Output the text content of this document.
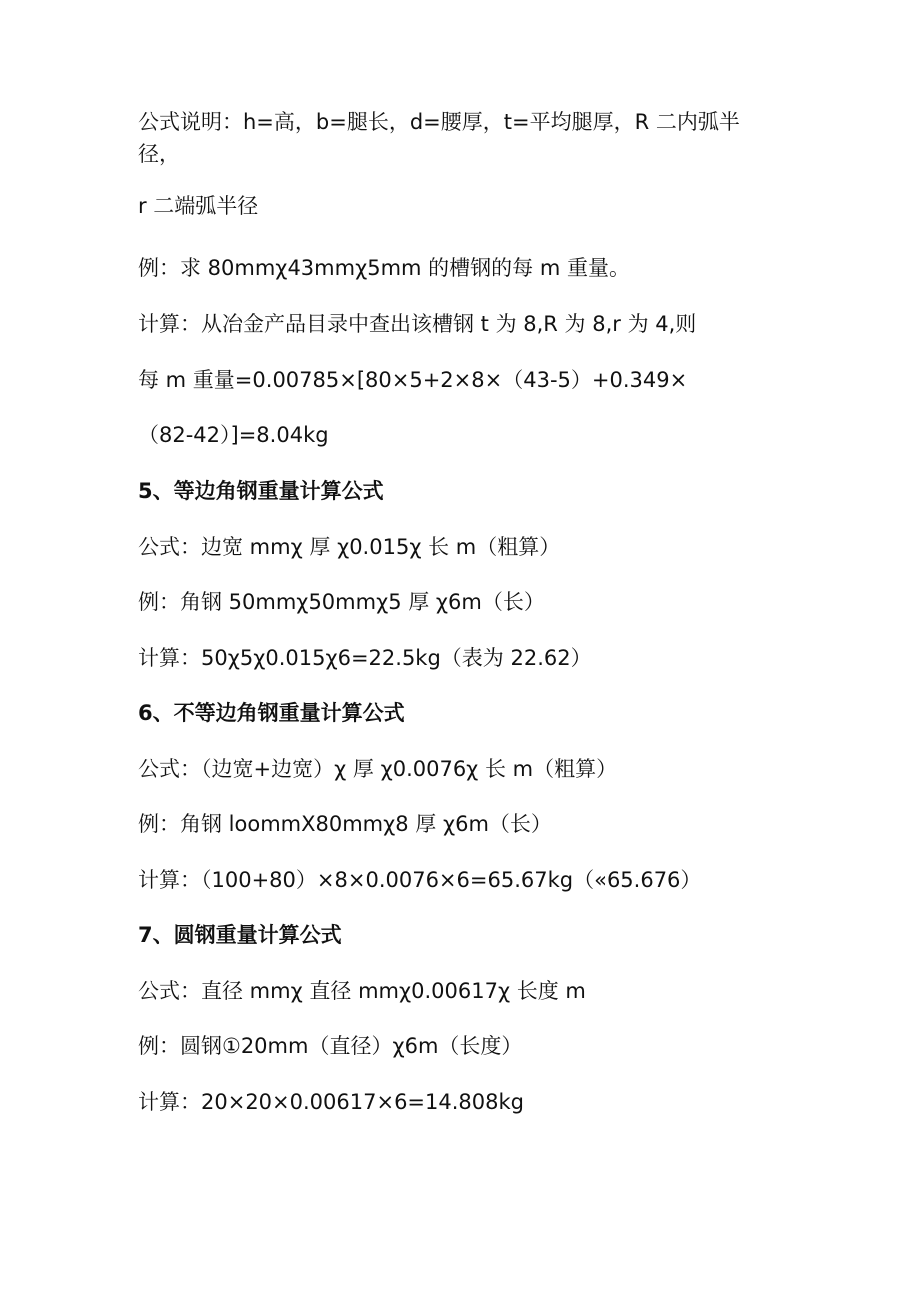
公式说明：h=高，b=腿长，d=腰厚，t=平均腿厚，R 二内弧半径，
r 二端弧半径
例：求 80mmχ43mmχ5mm 的槽钢的每 m 重量。
计算：从冶金产品目录中查出该槽钢 t 为 8,R 为 8,r 为 4,则
每 m 重量=0.00785×[80×5+2×8×（43-5）+0.349×
（82-42）]=8.04kg
5、等边角钢重量计算公式
公式：边宽 mmχ 厚 χ0.015χ 长 m（粗算）
例：角钢 50mmχ50mmχ5 厚 χ6m（长）
计算：50χ5χ0.015χ6=22.5kg（表为 22.62）
6、不等边角钢重量计算公式
公式：（边宽+边宽）χ 厚 χ0.0076χ 长 m（粗算）
例：角钢 loommX80mmχ8 厚 χ6m（长）
计算：（100+80）×8×0.0076×6=65.67kg（«65.676）
7、圆钢重量计算公式
公式：直径 mmχ 直径 mmχ0.00617χ 长度 m
例：圆钢①20mm（直径）χ6m（长度）
计算：20×20×0.00617×6=14.808kg
